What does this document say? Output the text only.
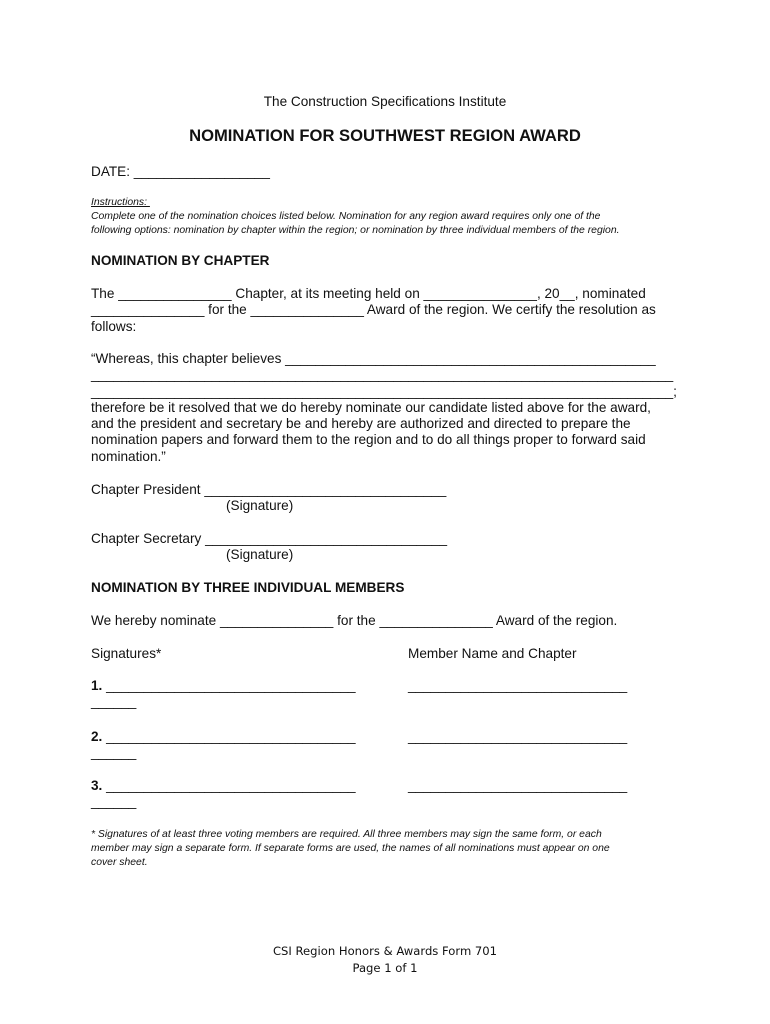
The Construction Specifications Institute

NOMINATION FOR SOUTHWEST REGION AWARD

DATE: __________________

Instructions:

Complete one of the nomination choices listed below. Nomination for any region award requires only one of the
following options: nomination by chapter within the region; or nomination by three individual members of the region.

NOMINATION BY CHAPTER

The _______________ Chapter, at its meeting held on _______________, 20__, nominated
_______________ for the _______________ Award of the region. We certify the resolution as
follows:

“Whereas, this chapter believes _________________________________________________
_____________________________________________________________________________
_____________________________________________________________________________;
therefore be it resolved that we do hereby nominate our candidate listed above for the award,
and the president and secretary be and hereby are authorized and directed to prepare the
nomination papers and forward them to the region and to do all things proper to forward said
nomination.”

Chapter President ________________________________

(Signature)

Chapter Secretary ________________________________

(Signature)

NOMINATION BY THREE INDIVIDUAL MEMBERS

We hereby nominate _______________ for the _______________ Award of the region.

Signatures*	Member Name and Chapter

1. _________________________________
______

_____________________________

2. _________________________________
______

_____________________________

3. _________________________________
______

_____________________________

* Signatures of at least three voting members are required. All three members may sign the same form, or each
member may sign a separate form. If separate forms are used, the names of all nominations must appear on one
cover sheet.

CSI Region Honors & Awards Form 701

Page 1 of 1
